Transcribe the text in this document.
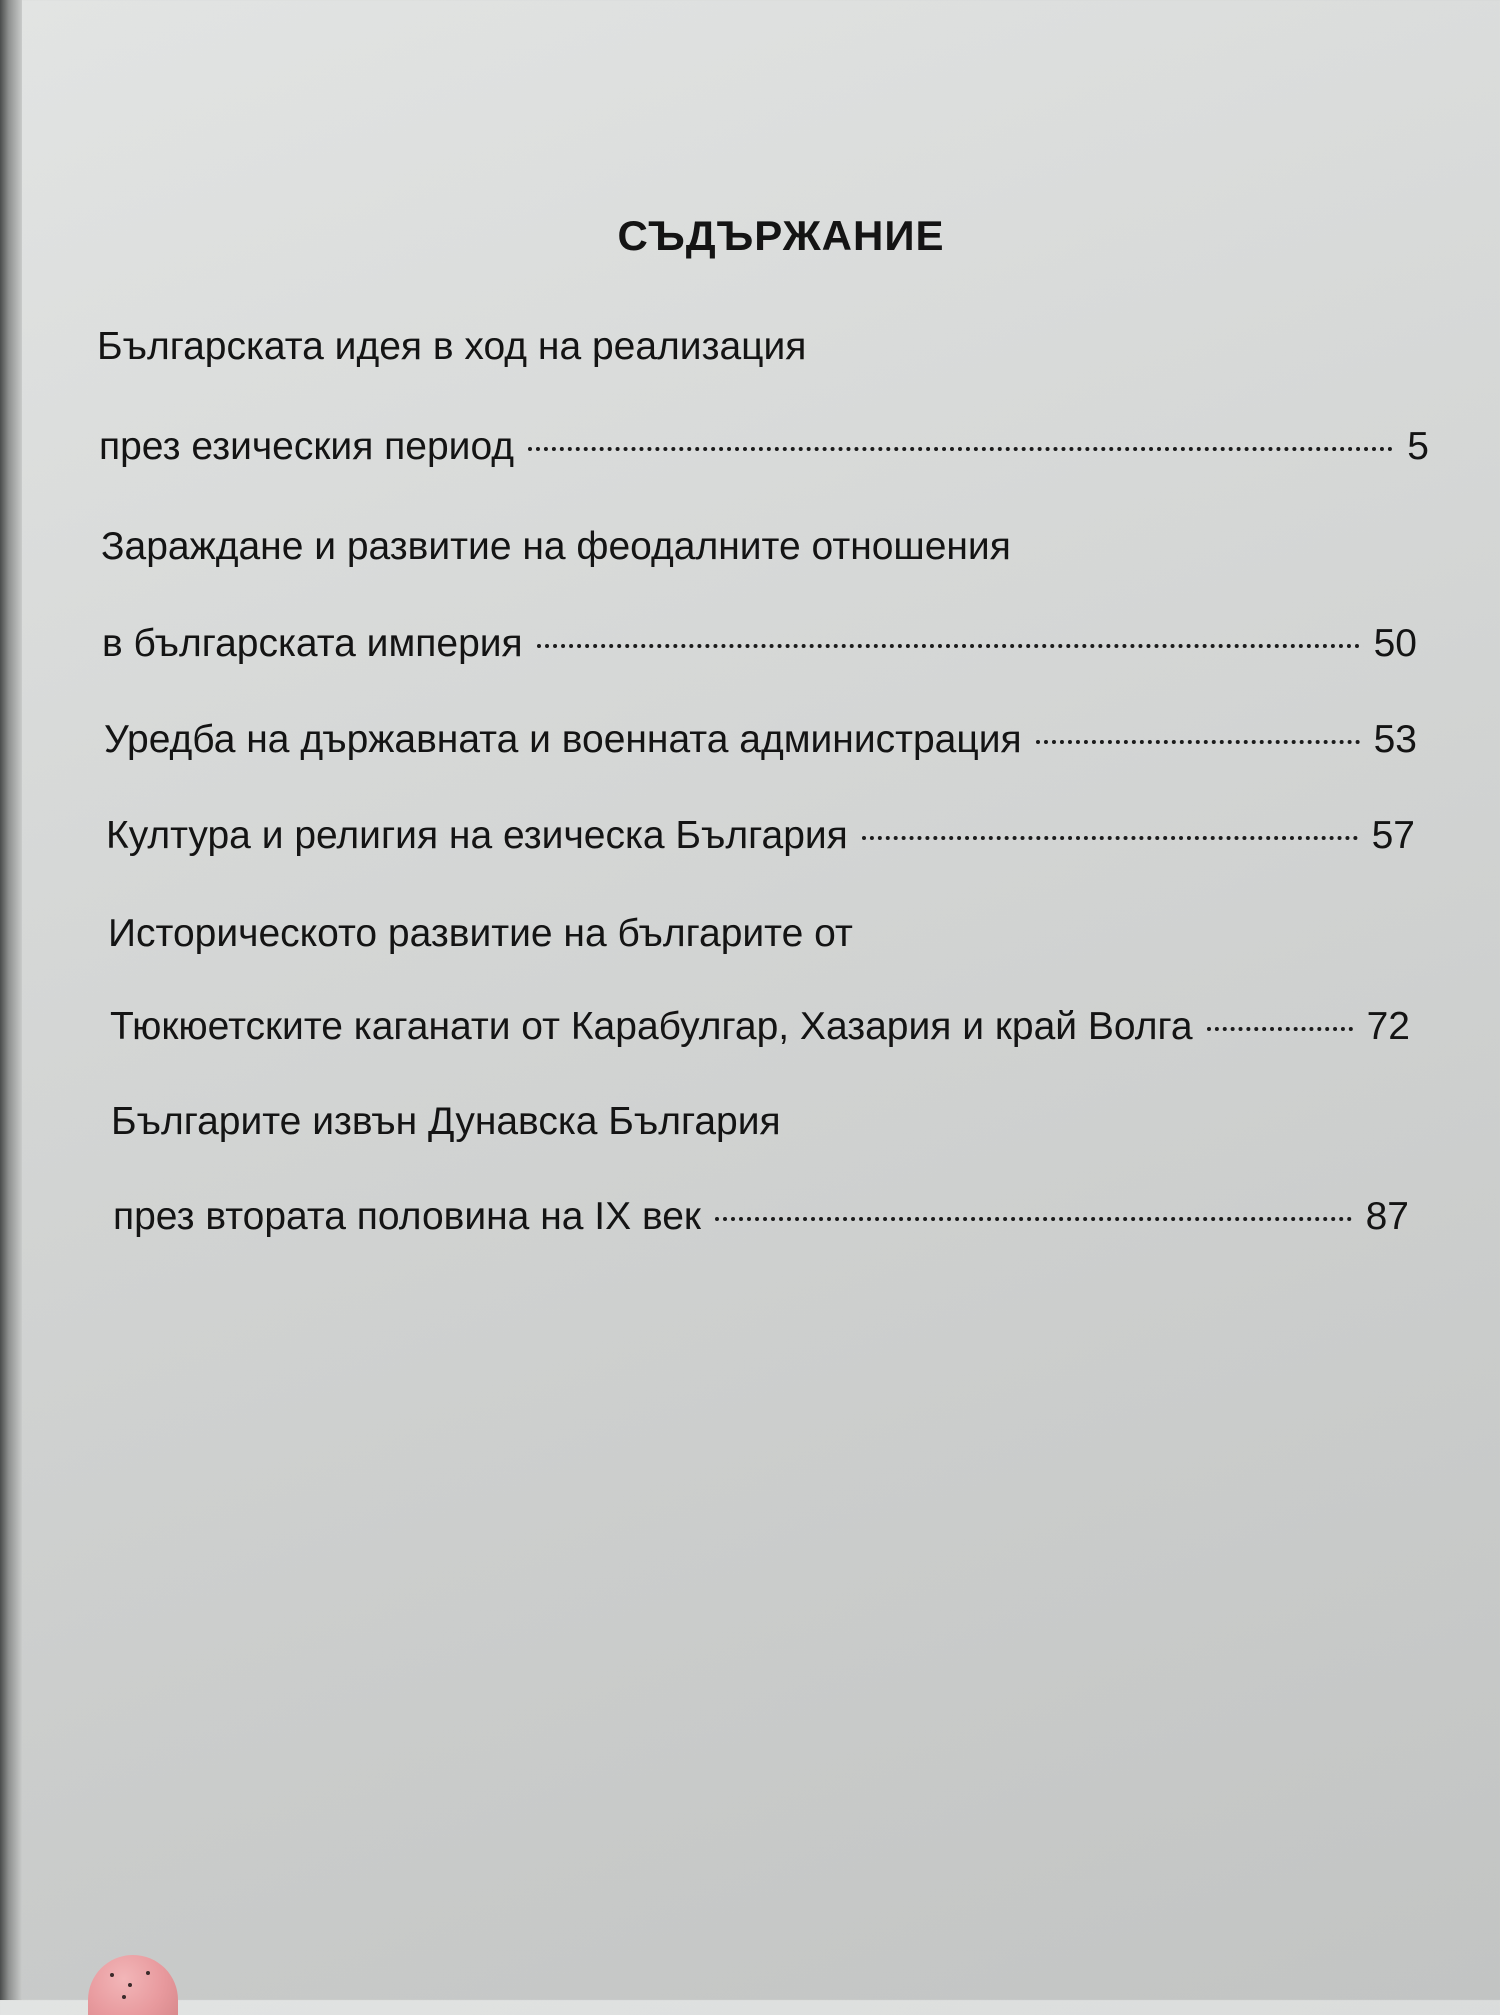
СЪДЪРЖАНИЕ
Българската идея в ход на реализация
през езическия период	5
Зараждане и развитие на феодалните отношения
в българската империя	50
Уредба на държавната и военната администрация	53
Култура и религия на езическа България	57
Историческото развитие на българите от
Тюкюетските каганати от Карабулгар, Хазария и край Волга	72
Българите извън Дунавска България
през втората половина на IX век	87
